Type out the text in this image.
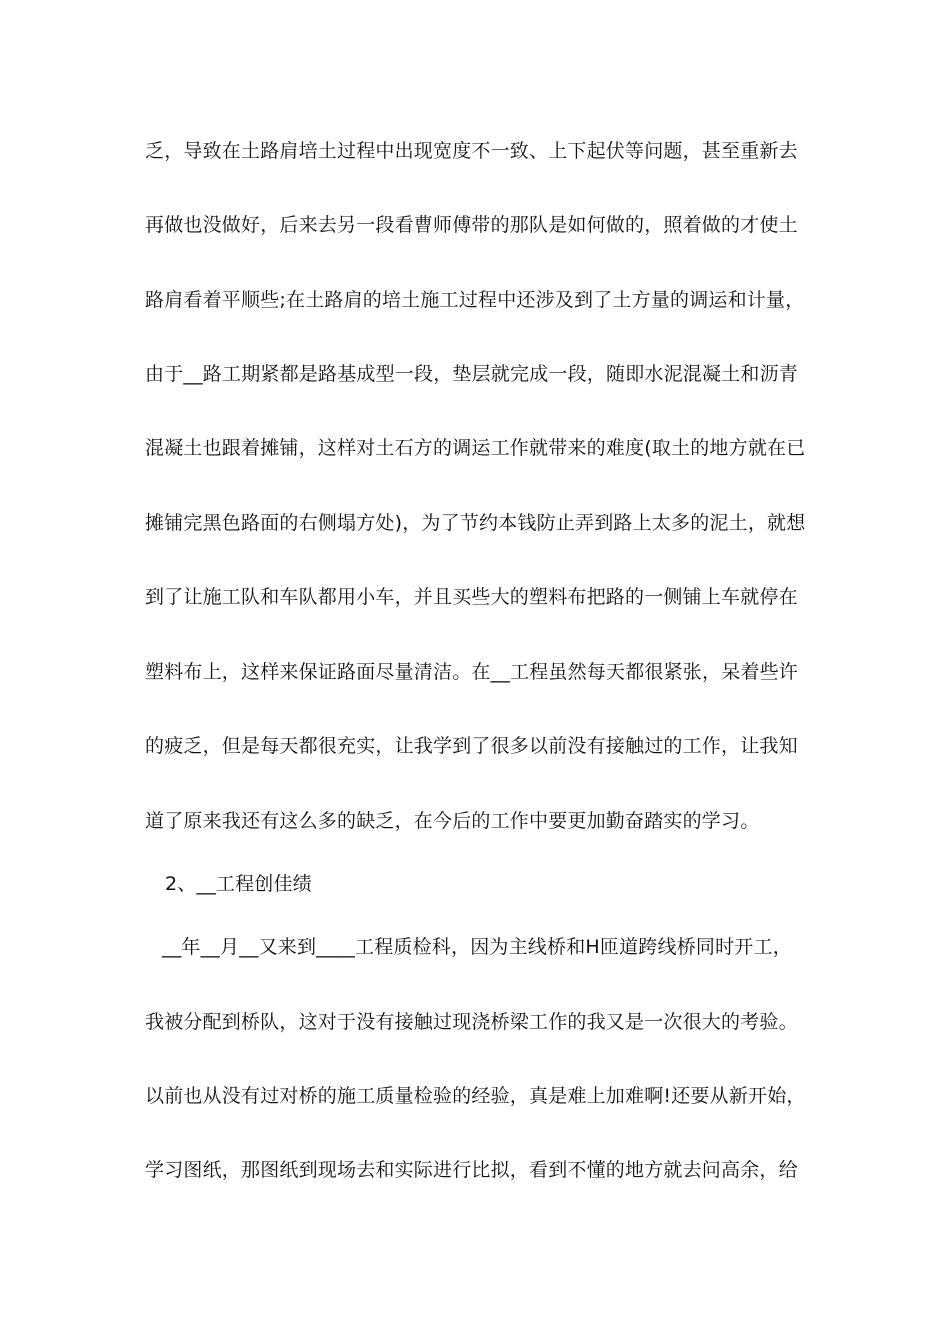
乏，导致在土路肩培土过程中出现宽度不一致、上下起伏等问题，甚至重新去
再做也没做好，后来去另一段看曹师傅带的那队是如何做的，照着做的才使土
路肩看着平顺些;在土路肩的培土施工过程中还涉及到了土方量的调运和计量，
由于__路工期紧都是路基成型一段，垫层就完成一段，随即水泥混凝土和沥青
混凝土也跟着摊铺，这样对土石方的调运工作就带来的难度(取土的地方就在已
摊铺完黑色路面的右侧塌方处)，为了节约本钱防止弄到路上太多的泥土，就想
到了让施工队和车队都用小车，并且买些大的塑料布把路的一侧铺上车就停在
塑料布上，这样来保证路面尽量清洁。在__工程虽然每天都很紧张，呆着些许
的疲乏，但是每天都很充实，让我学到了很多以前没有接触过的工作，让我知
道了原来我还有这么多的缺乏，在今后的工作中要更加勤奋踏实的学习。
2、__工程创佳绩
__年__月__又来到____工程质检科，因为主线桥和H匝道跨线桥同时开工，
我被分配到桥队，这对于没有接触过现浇桥梁工作的我又是一次很大的考验。
以前也从没有过对桥的施工质量检验的经验，真是难上加难啊!还要从新开始，
学习图纸，那图纸到现场去和实际进行比拟，看到不懂的地方就去问高余，给
